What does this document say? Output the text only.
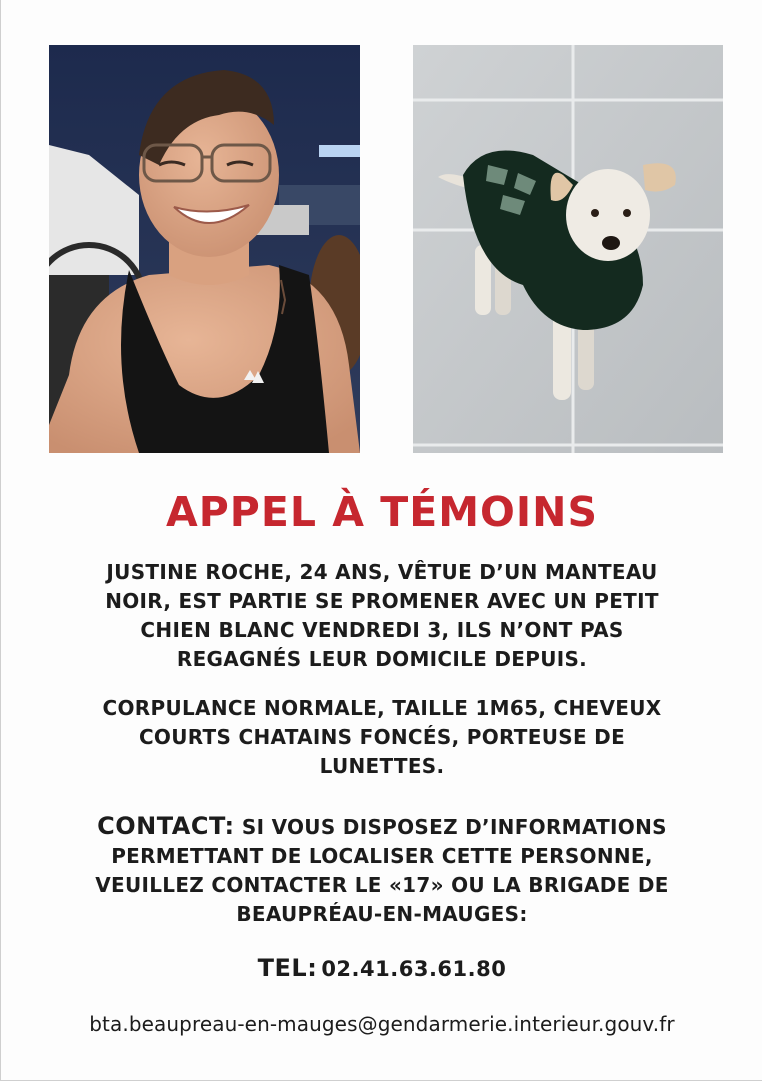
APPEL À TÉMOINS

JUSTINE ROCHE, 24 ANS, VÊTUE D’UN MANTEAU
NOIR, EST PARTIE SE PROMENER AVEC UN PETIT
CHIEN BLANC VENDREDI 3, ILS N’ONT PAS
REGAGNÉS LEUR DOMICILE DEPUIS.

CORPULANCE NORMALE, TAILLE 1M65, CHEVEUX
COURTS CHATAINS FONCÉS, PORTEUSE DE
LUNETTES.

CONTACT: SI VOUS DISPOSEZ D’INFORMATIONS
PERMETTANT DE LOCALISER CETTE PERSONNE,
VEUILLEZ CONTACTER LE «17» OU LA BRIGADE DE
BEAUPRÉAU-EN-MAUGES:

TEL: 02.41.63.61.80
bta.beaupreau-en-mauges@gendarmerie.interieur.gouv.fr
